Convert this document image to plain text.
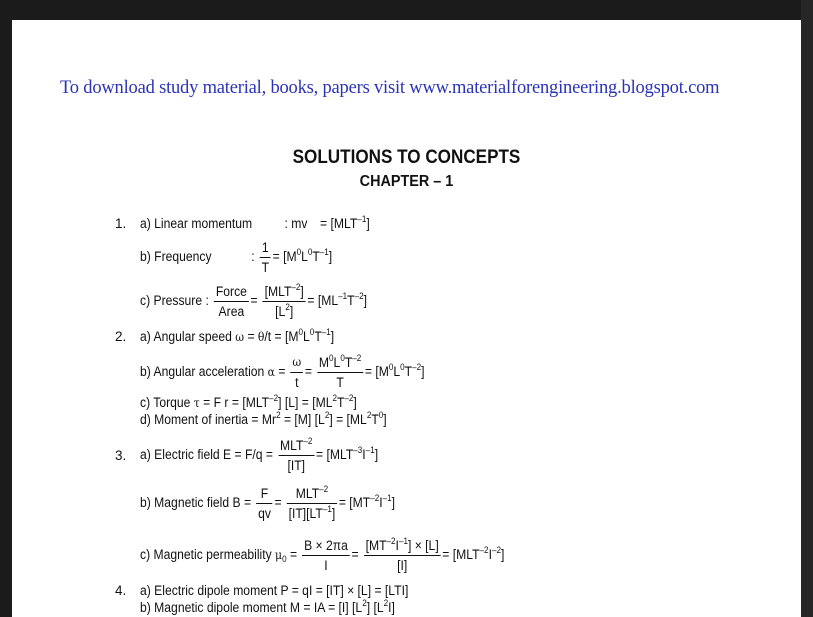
To download study material, books, papers visit www.materialforengineering.blogspot.com
SOLUTIONS TO CONCEPTS
CHAPTER – 1
1. a) Linear momentum : mv = $[MLT^{-1}]$
b) Frequency	: $\frac{1}{T} = [M^0L^0T^{-1}]$
c) Pressure : $\frac{\text{Force}}{\text{Area}} = \frac{[MLT^{-2}]}{[L^2]} = [ML^{-1}T^{-2}]$
2. a) Angular speed $\omega = \theta/t = [M^0L^0T^{-1}]$
b) Angular acceleration $\alpha = \frac{\omega}{t} = \frac{M^0L^0T^{-2}}{T} = [M^0L^0T^{-2}]$
c) Torque τ = F $r = [MLT^{-2}] [L] = [ML^2T^{-2}]$
d) Moment of inertia = $Mr^2 = [M] [L^2] = [ML^2T^0]$
3. a) Electric field $E = F/q = \frac{MLT^{-2}}{[IT]} = [MLT^{-3}I^{-1}]$
b) Magnetic field $B = \frac{F}{qv} = \frac{MLT^{-2}}{[IT][LT^{-1}]} = [MT^{-2}I^{-1}]$
c) Magnetic permeability $\mu_0 = \frac{B \times 2\pi a}{I} = \frac{[MT^{-2}I^{-1}] \times [L]}{[I]} = [MLT^{-2}I^{-2}]$
4. a) Electric dipole moment P = qI = [IT] × [L] = [LTI]
b) Magnetic dipole moment M = IA = [I] $[L^2]$ $[L^2I]$
